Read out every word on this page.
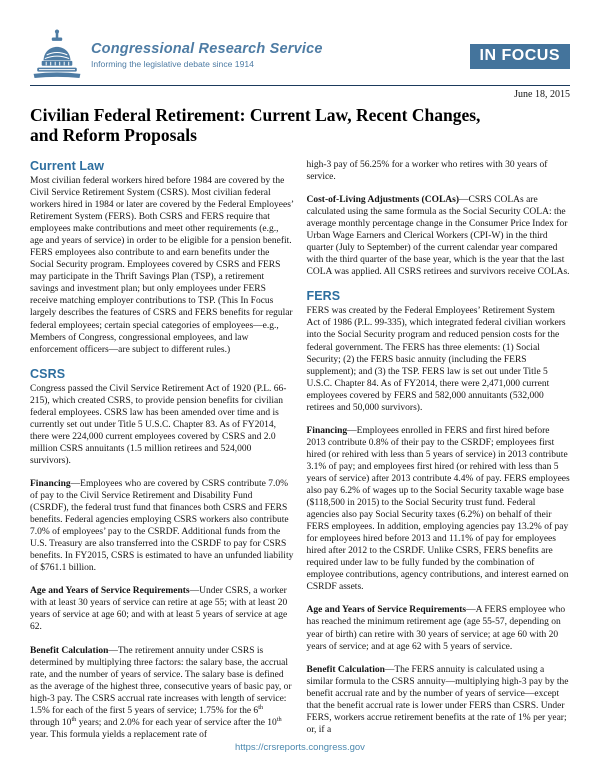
Congressional Research Service
Informing the legislative debate since 1914	IN FOCUS
June 18, 2015
Civilian Federal Retirement: Current Law, Recent Changes,
and Reform Proposals
Current Law

Most civilian federal workers hired before 1984 are covered by the Civil Service Retirement System (CSRS). Most civilian federal workers hired in 1984 or later are covered by the Federal Employees’ Retirement System (FERS). Both CSRS and FERS require that employees make contributions and meet other requirements (e.g., age and years of service) in order to be eligible for a pension benefit. FERS employees also contribute to and earn benefits under the Social Security program. Employees covered by CSRS and FERS may participate in the Thrift Savings Plan (TSP), a retirement savings and investment plan; but only employees under FERS receive matching employer contributions to TSP. (This In Focus largely describes the features of CSRS and FERS benefits for regular federal employees; certain special categories of employees—e.g., Members of Congress, congressional employees, and law enforcement officers—are subject to different rules.)

CSRS

Congress passed the Civil Service Retirement Act of 1920 (P.L. 66-215), which created CSRS, to provide pension benefits for civilian federal employees. CSRS law has been amended over time and is currently set out under Title 5 U.S.C. Chapter 83. As of FY2014, there were 224,000 current employees covered by CSRS and 2.0 million CSRS annuitants (1.5 million retirees and 524,000 survivors).

Financing—Employees who are covered by CSRS contribute 7.0% of pay to the Civil Service Retirement and Disability Fund (CSRDF), the federal trust fund that finances both CSRS and FERS benefits. Federal agencies employing CSRS workers also contribute 7.0% of employees’ pay to the CSRDF. Additional funds from the U.S. Treasury are also transferred into the CSRDF to pay for CSRS benefits. In FY2015, CSRS is estimated to have an unfunded liability of $761.1 billion.

Age and Years of Service Requirements—Under CSRS, a worker with at least 30 years of service can retire at age 55; with at least 20 years of service at age 60; and with at least 5 years of service at age 62.

Benefit Calculation—The retirement annuity under CSRS is determined by multiplying three factors: the salary base, the accrual rate, and the number of years of service. The salary base is defined as the average of the highest three, consecutive years of basic pay, or high-3 pay. The CSRS accrual rate increases with length of service: 1.5% for each of the first 5 years of service; 1.75% for the 6th through 10th years; and 2.0% for each year of service after the 10th year. This formula yields a replacement rate of

high-3 pay of 56.25% for a worker who retires with 30 years of service.

Cost-of-Living Adjustments (COLAs)—CSRS COLAs are calculated using the same formula as the Social Security COLA: the average monthly percentage change in the Consumer Price Index for Urban Wage Earners and Clerical Workers (CPI-W) in the third quarter (July to September) of the current calendar year compared with the third quarter of the base year, which is the year that the last COLA was applied. All CSRS retirees and survivors receive COLAs.

FERS

FERS was created by the Federal Employees’ Retirement System Act of 1986 (P.L. 99-335), which integrated federal civilian workers into the Social Security program and reduced pension costs for the federal government. The FERS has three elements: (1) Social Security; (2) the FERS basic annuity (including the FERS supplement); and (3) the TSP. FERS law is set out under Title 5 U.S.C. Chapter 84. As of FY2014, there were 2,471,000 current employees covered by FERS and 582,000 annuitants (532,000 retirees and 50,000 survivors).

Financing—Employees enrolled in FERS and first hired before 2013 contribute 0.8% of their pay to the CSRDF; employees first hired (or rehired with less than 5 years of service) in 2013 contribute 3.1% of pay; and employees first hired (or rehired with less than 5 years of service) after 2013 contribute 4.4% of pay. FERS employees also pay 6.2% of wages up to the Social Security taxable wage base ($118,500 in 2015) to the Social Security trust fund. Federal agencies also pay Social Security taxes (6.2%) on behalf of their FERS employees. In addition, employing agencies pay 13.2% of pay for employees hired before 2013 and 11.1% of pay for employees hired after 2012 to the CSRDF. Unlike CSRS, FERS benefits are required under law to be fully funded by the combination of employee contributions, agency contributions, and interest earned on CSRDF assets.

Age and Years of Service Requirements—A FERS employee who has reached the minimum retirement age (age 55-57, depending on year of birth) can retire with 30 years of service; at age 60 with 20 years of service; and at age 62 with 5 years of service.

Benefit Calculation—The FERS annuity is calculated using a similar formula to the CSRS annuity—multiplying high-3 pay by the benefit accrual rate and by the number of years of service—except that the benefit accrual rate is lower under FERS than CSRS. Under FERS, workers accrue retirement benefits at the rate of 1% per year; or, if a

https://crsreports.congress.gov
